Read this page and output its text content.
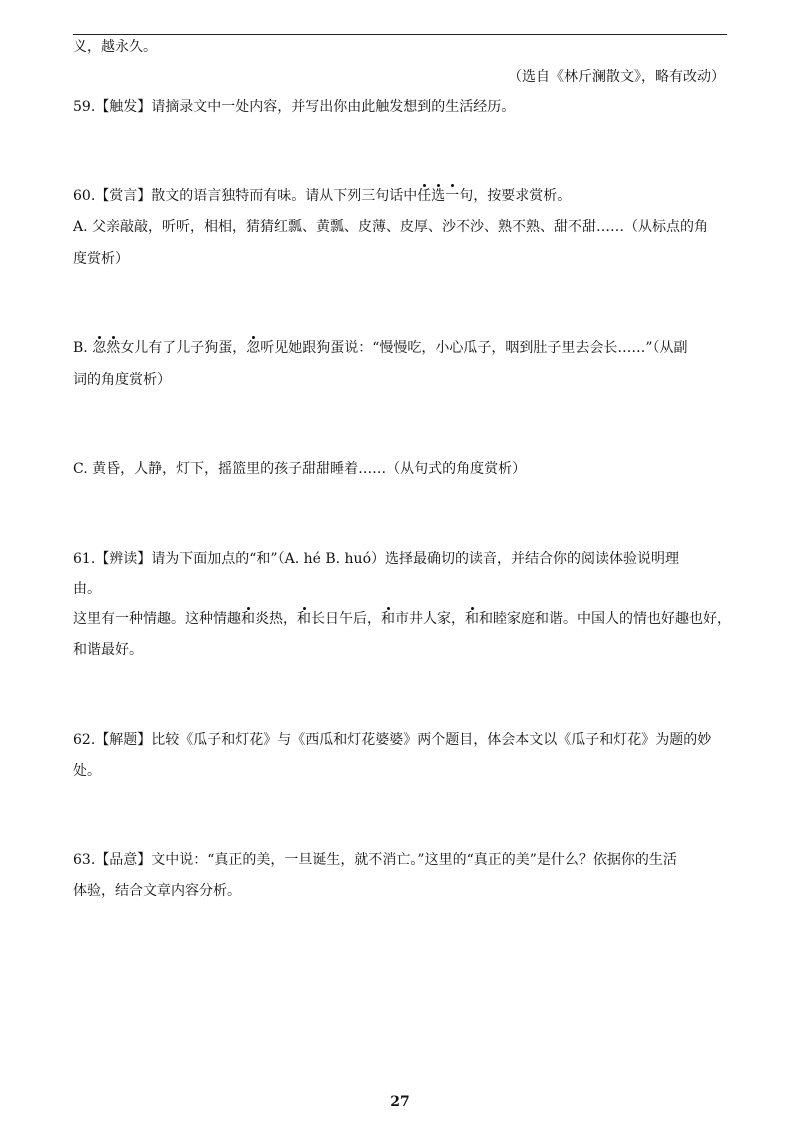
义，越永久。
（选自《林斤澜散文》，略有改动）
59.【触发】请摘录文中一处内容，并写出你由此触发想到的生活经历。
60.【赏言】散文的语言独特而有味。请从下列三句话中任选一句，按要求赏析。
A. 父亲敲敲，听听，相相，猜猜红瓢、黄瓢、皮薄、皮厚、沙不沙、熟不熟、甜不甜……（从标点的角
度赏析）
B. 忽然女儿有了儿子狗蛋，忽听见她跟狗蛋说：“慢慢吃，小心瓜子，咽到肚子里去会长……”（从副
词的角度赏析）
C. 黄昏，人静，灯下，摇篮里的孩子甜甜睡着……（从句式的角度赏析）
61.【辨读】请为下面加点的“和”（A. hé B. huó）选择最确切的读音，并结合你的阅读体验说明理
由。
这里有一种情趣。这种情趣和炎热，和长日午后，和市井人家，和和睦家庭和谐。中国人的情也好趣也好，
和谐最好。
62.【解题】比较《瓜子和灯花》与《西瓜和灯花婆婆》两个题目，体会本文以《瓜子和灯花》为题的妙
处。
63.【品意】文中说：“真正的美，一旦诞生，就不消亡。”这里的“真正的美”是什么？依据你的生活
体验，结合文章内容分析。
27
